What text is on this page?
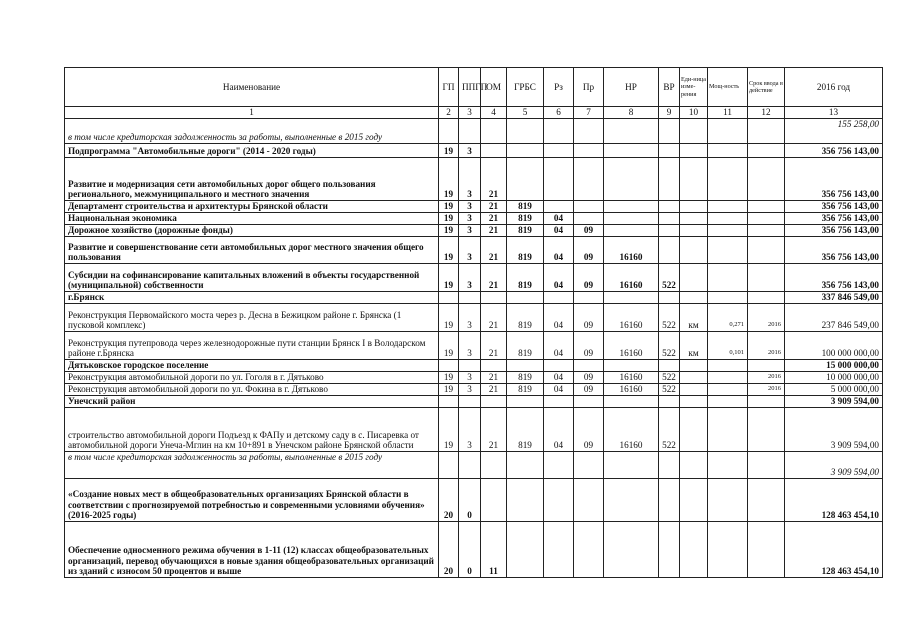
Наименование	ГП	ППГП	ОМ	ГРБС	Рз	Пр	НР	ВР	Еди-ница изме-рения	Мощ-ность	Срок ввода в действие	2016 год
1	2	3	4	5	6	7	8	9	10	11	12	13
в том числе кредиторская задолженность за работы, выполненные в 2015 году												155 258,00
Подпрограмма "Автомобильные дороги" (2014 - 2020 годы)	19	3										356 756 143,00
Развитие и модернизация сети автомобильных дорог общего пользования регионального, межмуниципального и местного значения	19	3	21									356 756 143,00
Департамент строительства и архитектуры Брянской области	19	3	21	819								356 756 143,00
Национальная экономика	19	3	21	819	04							356 756 143,00
Дорожное хозяйство (дорожные фонды)	19	3	21	819	04	09						356 756 143,00
Развитие и совершенствование сети автомобильных дорог местного значения общего пользования	19	3	21	819	04	09	16160					356 756 143,00
Субсидии на софинансирование капитальных вложений в объекты государственной (муниципальной) собственности	19	3	21	819	04	09	16160	522				356 756 143,00
г.Брянск												337 846 549,00
Реконструкция Первомайского моста через р. Десна в Бежицком районе г. Брянска (1 пусковой комплекс)	19	3	21	819	04	09	16160	522	км	0,271	2016	237 846 549,00
Реконструкция путепровода через железнодорожные пути станции Брянск I в Володарском районе г.Брянска	19	3	21	819	04	09	16160	522	км	0,101	2016	100 000 000,00
Дятьковское городское поселение												15 000 000,00
Реконструкция автомобильной дороги по ул. Гоголя в г. Дятьково	19	3	21	819	04	09	16160	522			2016	10 000 000,00
Реконструкция автомобильной дороги по ул. Фокина в г. Дятьково	19	3	21	819	04	09	16160	522			2016	5 000 000,00
Унечский район												3 909 594,00
строительство автомобильной дороги Подъезд к ФАПу и детскому саду в с. Писаревка от автомобильной дороги Унеча-Мглин на км 10+891 в Унечском районе Брянской области	19	3	21	819	04	09	16160	522				3 909 594,00
в том числе кредиторская задолженность за работы, выполненные в 2015 году												3 909 594,00
«Создание новых мест в общеобразовательных организациях Брянской области в соответствии с прогнозируемой потребностью и современными условиями обучения» (2016-2025 годы)	20	0										128 463 454,10
Обеспечение односменного режима обучения в 1-11 (12) классах общеобразовательных организаций, перевод обучающихся в новые здания общеобразовательных организаций из зданий с износом 50 процентов и выше	20	0	11									128 463 454,10
